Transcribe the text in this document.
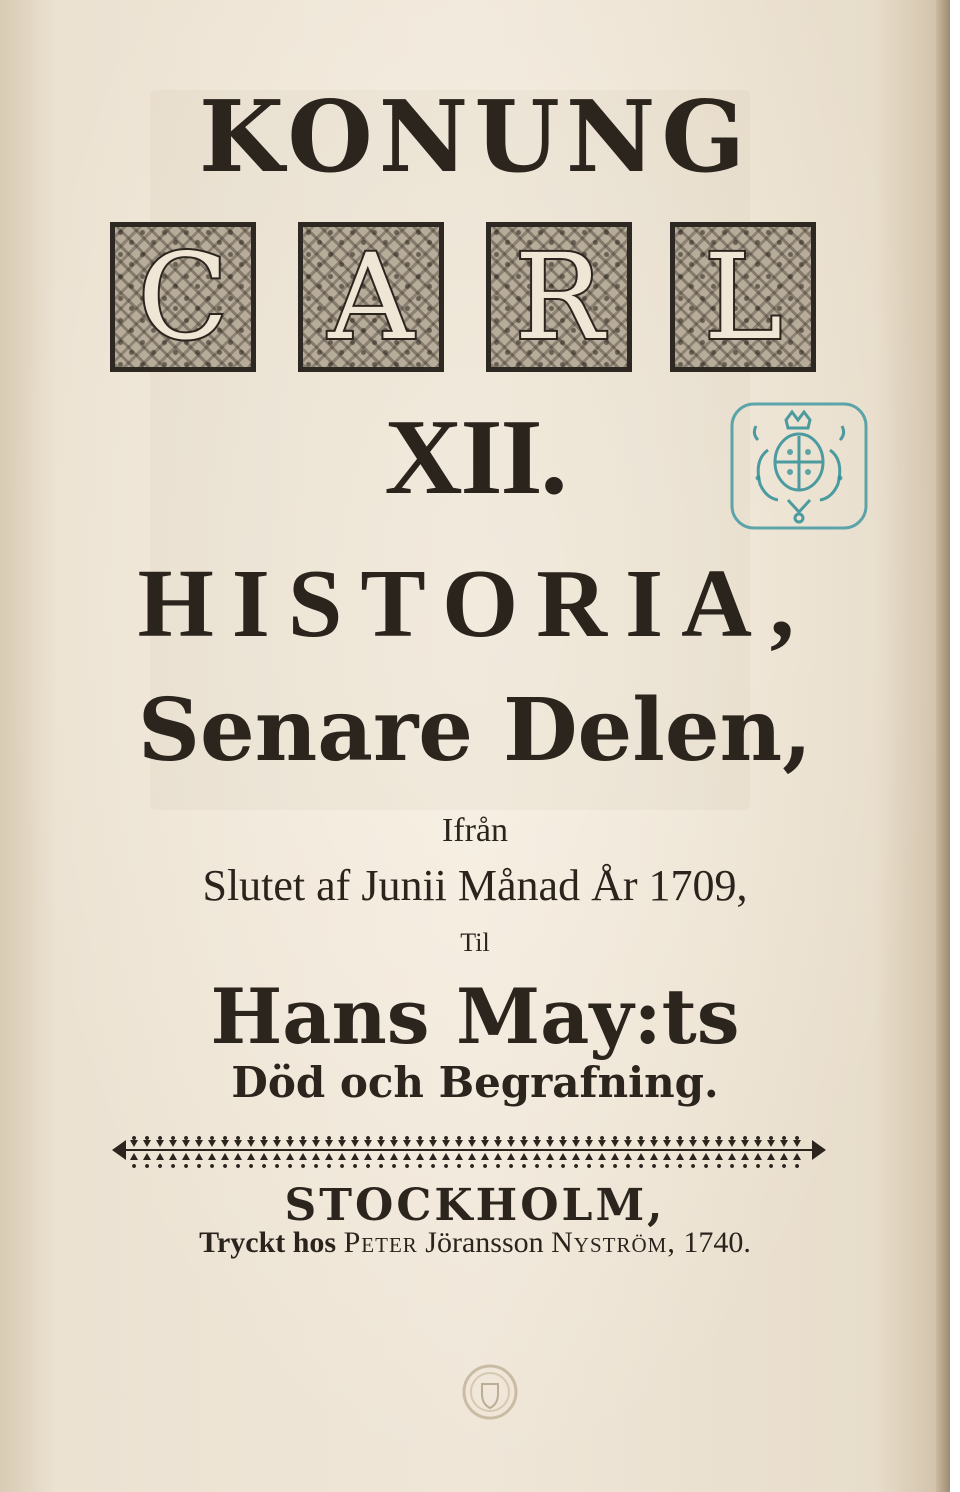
KONUNG
C A R L
XII.
HISTORIA,
Senare Delen,
Ifrån
Slutet af Junii Månad År 1709,
Til
Hans May:ts
Död och Begrafning.
STOCKHOLM,
Tryckt hos Peter Jöransson Nyström, 1740.
